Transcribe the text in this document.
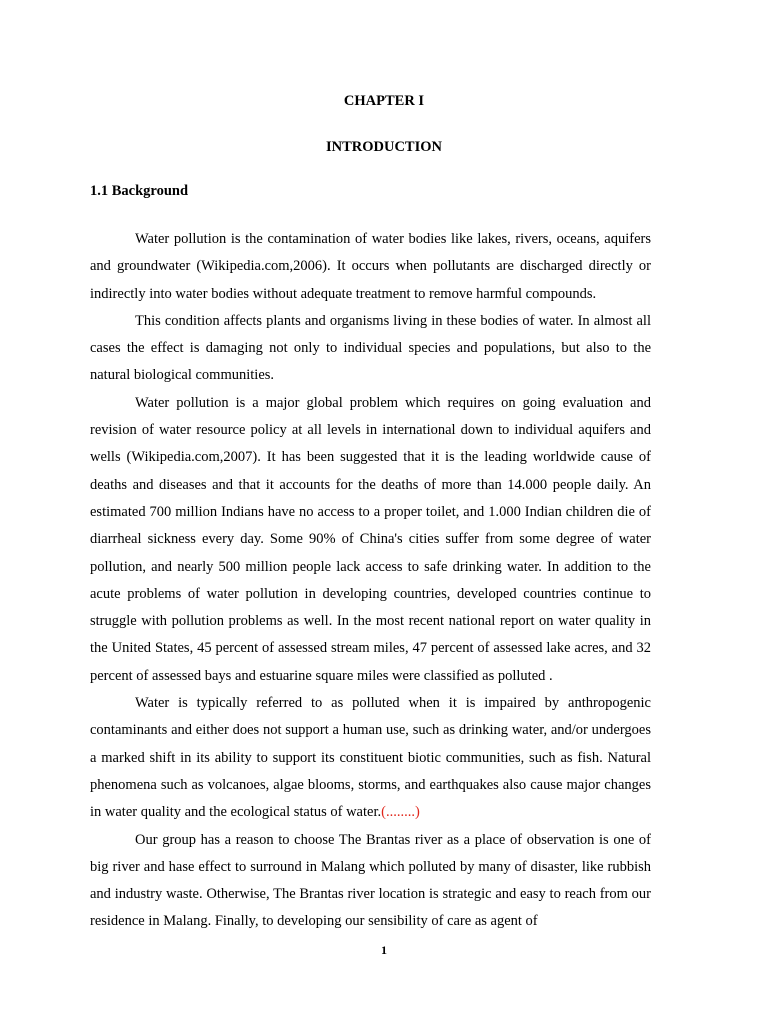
CHAPTER I
INTRODUCTION
1.1 Background

Water pollution is the contamination of water bodies like lakes, rivers, oceans, aquifers and groundwater (Wikipedia.com,2006). It occurs when pollutants are discharged directly or indirectly into water bodies without adequate treatment to remove harmful compounds.

This condition affects plants and organisms living in these bodies of water. In almost all cases the effect is damaging not only to individual species and populations, but also to the natural biological communities.

Water pollution is a major global problem which requires on going evaluation and revision of water resource policy at all levels in international down to individual aquifers and wells (Wikipedia.com,2007). It has been suggested that it is the leading worldwide cause of deaths and diseases and that it accounts for the deaths of more than 14.000 people daily. An estimated 700 million Indians have no access to a proper toilet, and 1.000 Indian children die of diarrheal sickness every day. Some 90% of China's cities suffer from some degree of water pollution, and nearly 500 million people lack access to safe drinking water. In addition to the acute problems of water pollution in developing countries, developed countries continue to struggle with pollution problems as well. In the most recent national report on water quality in the United States, 45 percent of assessed stream miles, 47 percent of assessed lake acres, and 32 percent of assessed bays and estuarine square miles were classified as polluted .

Water is typically referred to as polluted when it is impaired by anthropogenic contaminants and either does not support a human use, such as drinking water, and/or undergoes a marked shift in its ability to support its constituent biotic communities, such as fish. Natural phenomena such as volcanoes, algae blooms, storms, and earthquakes also cause major changes in water quality and the ecological status of water.(........)

Our group has a reason to choose The Brantas river as a place of observation is one of big river and hase effect to surround in Malang which polluted by many of disaster, like rubbish and industry waste. Otherwise, The Brantas river location is strategic and easy to reach from our residence in Malang. Finally, to developing our sensibility of care as agent of

1
